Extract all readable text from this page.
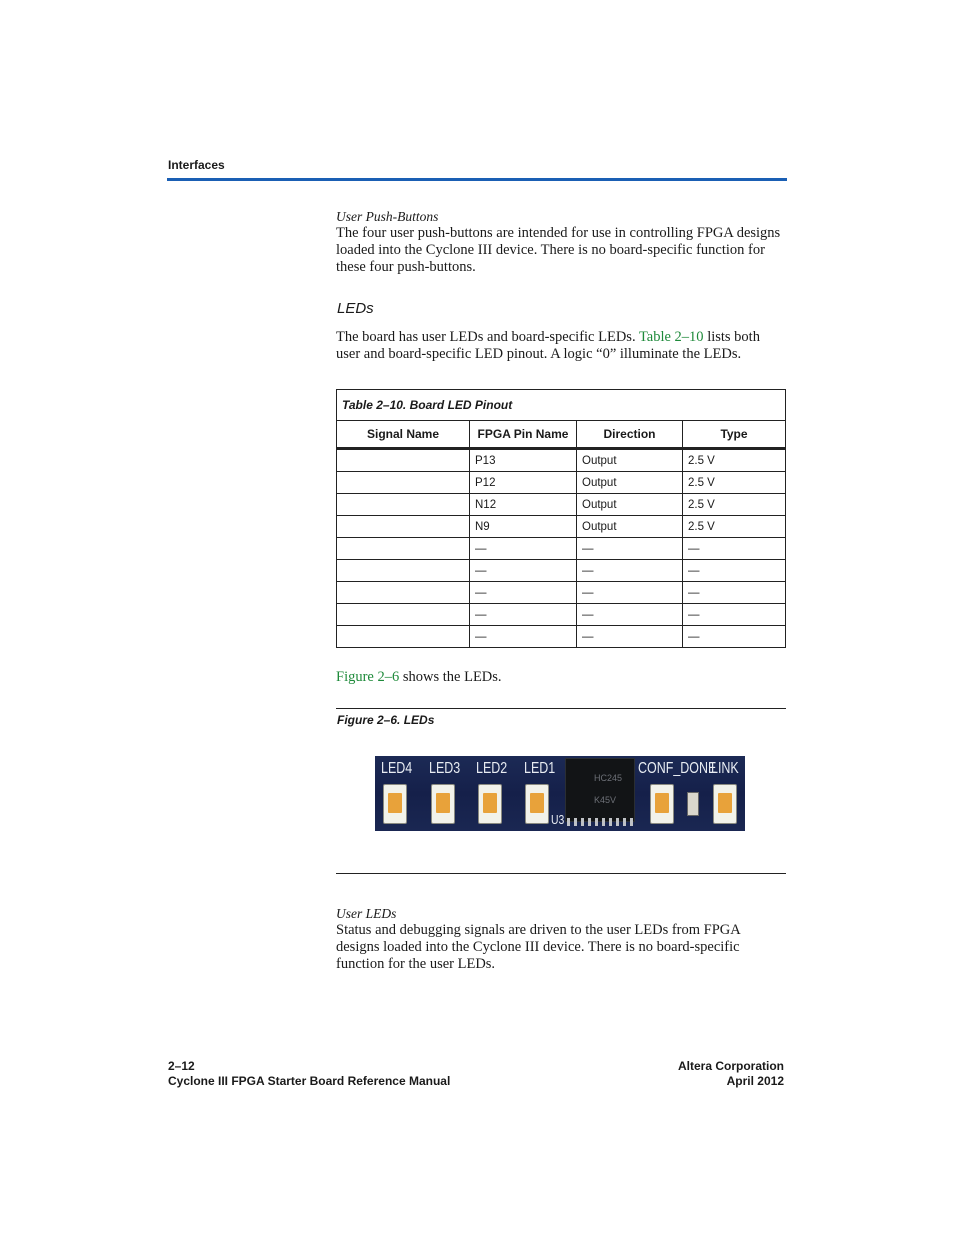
Interfaces

User Push-Buttons

The four user push-buttons are intended for use in controlling FPGA designs loaded into the Cyclone III device. There is no board-specific function for these four push-buttons.

LEDs

The board has user LEDs and board-specific LEDs. Table 2–10 lists both user and board-specific LED pinout. A logic “0” illuminate the LEDs.

Table 2–10. Board LED Pinout			
Signal Name	FPGA Pin Name	Direction	Type
	P13	Output	2.5 V
	P12	Output	2.5 V
	N12	Output	2.5 V
	N9	Output	2.5 V
	—	—	—
	—	—	—
	—	—	—
	—	—	—
	—	—	—

Figure 2–6 shows the LEDs.

Figure 2–6. LEDs
LED4 LED3 LED2 LED1	CONF_DONE
LINK
HC245
K45V
U3

User LEDs

Status and debugging signals are driven to the user LEDs from FPGA designs loaded into the Cyclone III device. There is no board-specific function for the user LEDs.

2–12
Cyclone III FPGA Starter Board Reference Manual
Altera Corporation
April 2012
